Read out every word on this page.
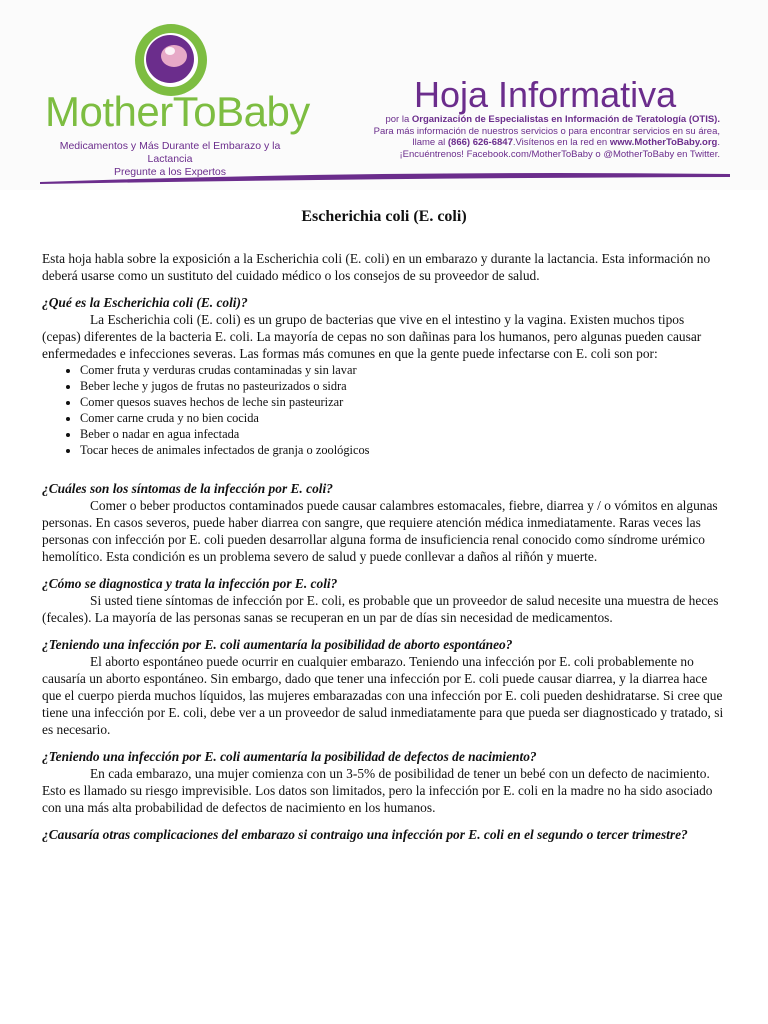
MotherToBaby
Medicamentos y Más Durante el Embarazo y la Lactancia
Pregunte a los Expertos
Hoja Informativa
por la Organización de Especialistas en Información de Teratología (OTIS).
Para más información de nuestros servicios o para encontrar servicios en su área,
llame al (866) 626-6847.Visítenos en la red en www.MotherToBaby.org.
¡Encuéntrenos! Facebook.com/MotherToBaby o @MotherToBaby en Twitter.
Escherichia coli (E. coli)

Esta hoja habla sobre la exposición a la Escherichia coli (E. coli) en un embarazo y durante la lactancia. Esta información no deberá usarse como un sustituto del cuidado médico o los consejos de su proveedor de salud.

¿Qué es la Escherichia coli (E. coli)?

La Escherichia coli (E. coli) es un grupo de bacterias que vive en el intestino y la vagina. Existen muchos tipos (cepas) diferentes de la bacteria E. coli. La mayoría de cepas no son dañinas para los humanos, pero algunas pueden causar enfermedades e infecciones severas. Las formas más comunes en que la gente puede infectarse con E. coli son por:

• Comer fruta y verduras crudas contaminadas y sin lavar
• Beber leche y jugos de frutas no pasteurizados o sidra
• Comer quesos suaves hechos de leche sin pasteurizar
• Comer carne cruda y no bien cocida
• Beber o nadar en agua infectada
• Tocar heces de animales infectados de granja o zoológicos

¿Cuáles son los síntomas de la infección por E. coli?

Comer o beber productos contaminados puede causar calambres estomacales, fiebre, diarrea y / o vómitos en algunas personas. En casos severos, puede haber diarrea con sangre, que requiere atención médica inmediatamente. Raras veces las personas con infección por E. coli pueden desarrollar alguna forma de insuficiencia renal conocido como síndrome urémico hemolítico. Esta condición es un problema severo de salud y puede conllevar a daños al riñón y muerte.

¿Cómo se diagnostica y trata la infección por E. coli?

Si usted tiene síntomas de infección por E. coli, es probable que un proveedor de salud necesite una muestra de heces (fecales). La mayoría de las personas sanas se recuperan en un par de días sin necesidad de medicamentos.

¿Teniendo una infección por E. coli aumentaría la posibilidad de aborto espontáneo?

El aborto espontáneo puede ocurrir en cualquier embarazo. Teniendo una infección por E. coli probablemente no causaría un aborto espontáneo. Sin embargo, dado que tener una infección por E. coli puede causar diarrea, y la diarrea hace que el cuerpo pierda muchos líquidos, las mujeres embarazadas con una infección por E. coli pueden deshidratarse. Si cree que tiene una infección por E. coli, debe ver a un proveedor de salud inmediatamente para que pueda ser diagnosticado y tratado, si es necesario.

¿Teniendo una infección por E. coli aumentaría la posibilidad de defectos de nacimiento?

En cada embarazo, una mujer comienza con un 3-5% de posibilidad de tener un bebé con un defecto de nacimiento. Esto es llamado su riesgo imprevisible. Los datos son limitados, pero la infección por E. coli en la madre no ha sido asociado con una más alta probabilidad de defectos de nacimiento en los humanos.

¿Causaría otras complicaciones del embarazo si contraigo una infección por E. coli en el segundo o tercer trimestre?
